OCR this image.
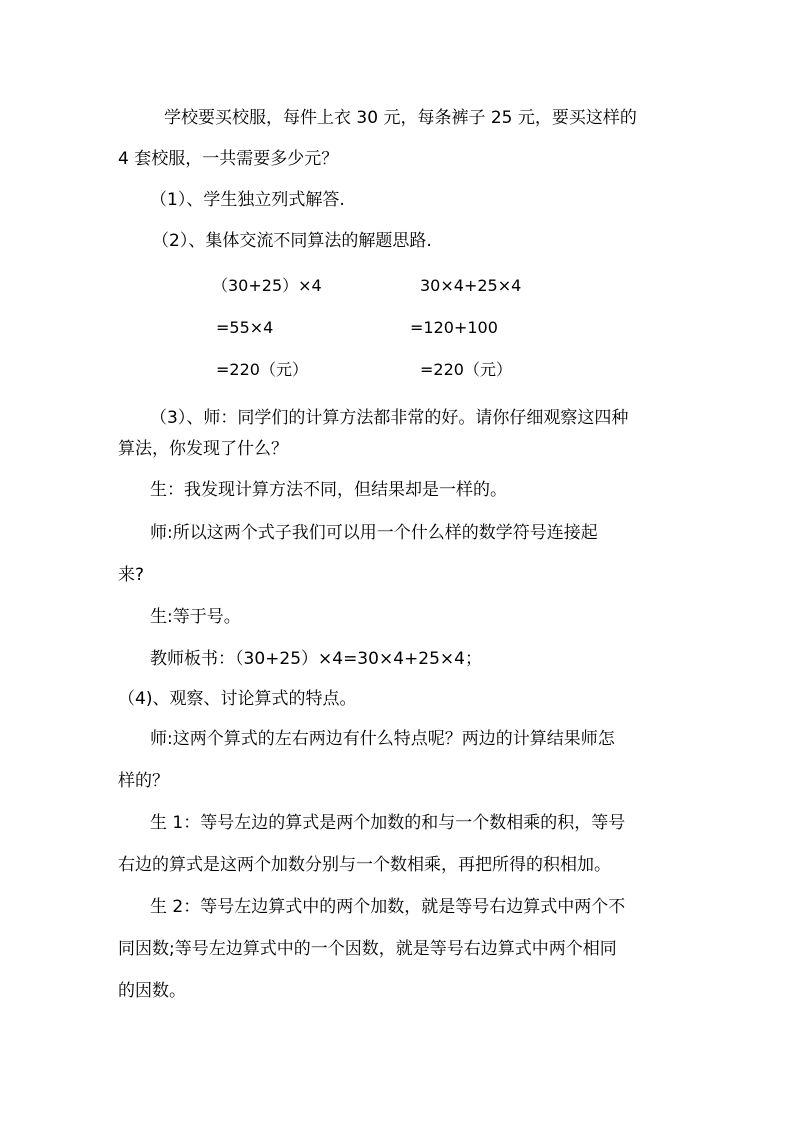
学校要买校服，每件上衣 30 元，每条裤子 25 元，要买这样的

4 套校服，一共需要多少元？

（1）、学生独立列式解答.

（2）、集体交流不同算法的解题思路.

（30+25）×4
=55×4
=220（元）
30×4+25×4
=120+100
=220（元）

（3）、师：同学们的计算方法都非常的好。请你仔细观察这四种

算法，你发现了什么？

生：我发现计算方法不同，但结果却是一样的。

师:所以这两个式子我们可以用一个什么样的数学符号连接起

来?

生:等于号。

教师板书：（30+25）×4=30×4+25×4；

（4)、观察、讨论算式的特点。

师:这两个算式的左右两边有什么特点呢？两边的计算结果师怎

样的？

生 1：等号左边的算式是两个加数的和与一个数相乘的积，等号

右边的算式是这两个加数分别与一个数相乘，再把所得的积相加。

生 2：等号左边算式中的两个加数，就是等号右边算式中两个不

同因数;等号左边算式中的一个因数，就是等号右边算式中两个相同

的因数。
